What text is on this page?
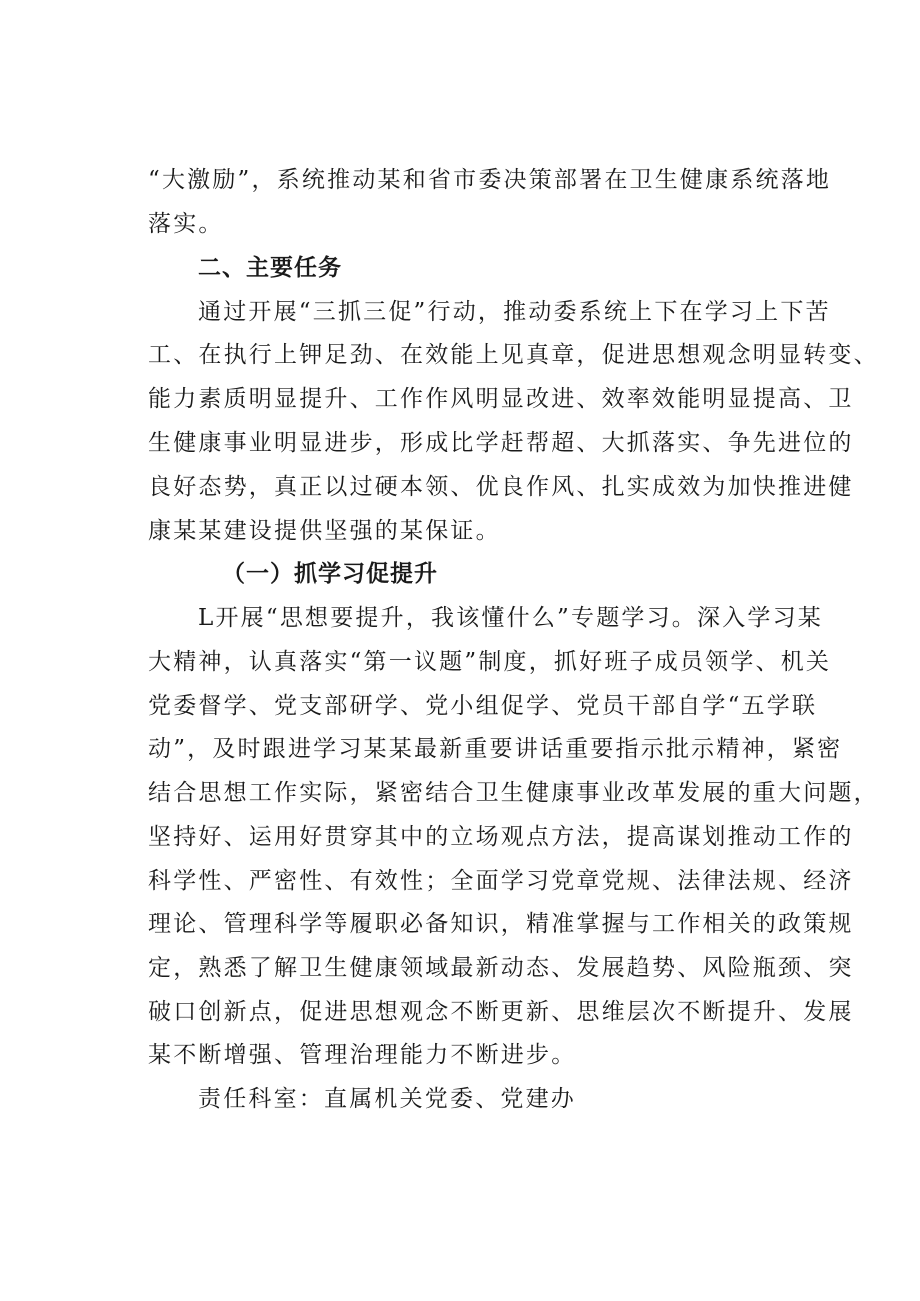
“大激励”，系统推动某和省市委决策部署在卫生健康系统落地
落实。
二、主要任务
通过开展“三抓三促”行动，推动委系统上下在学习上下苦
工、在执行上钾足劲、在效能上见真章，促进思想观念明显转变、
能力素质明显提升、工作作风明显改进、效率效能明显提高、卫
生健康事业明显进步，形成比学赶帮超、大抓落实、争先进位的
良好态势，真正以过硬本领、优良作风、扎实成效为加快推进健
康某某建设提供坚强的某保证。
（一）抓学习促提升
L开展“思想要提升，我该懂什么”专题学习。深入学习某
大精神，认真落实“第一议题”制度，抓好班子成员领学、机关
党委督学、党支部研学、党小组促学、党员干部自学“五学联
动”，及时跟进学习某某最新重要讲话重要指示批示精神，紧密
结合思想工作实际，紧密结合卫生健康事业改革发展的重大问题，
坚持好、运用好贯穿其中的立场观点方法，提高谋划推动工作的
科学性、严密性、有效性；全面学习党章党规、法律法规、经济
理论、管理科学等履职必备知识，精准掌握与工作相关的政策规
定，熟悉了解卫生健康领域最新动态、发展趋势、风险瓶颈、突
破口创新点，促进思想观念不断更新、思维层次不断提升、发展
某不断增强、管理治理能力不断进步。
责任科室：直属机关党委、党建办
